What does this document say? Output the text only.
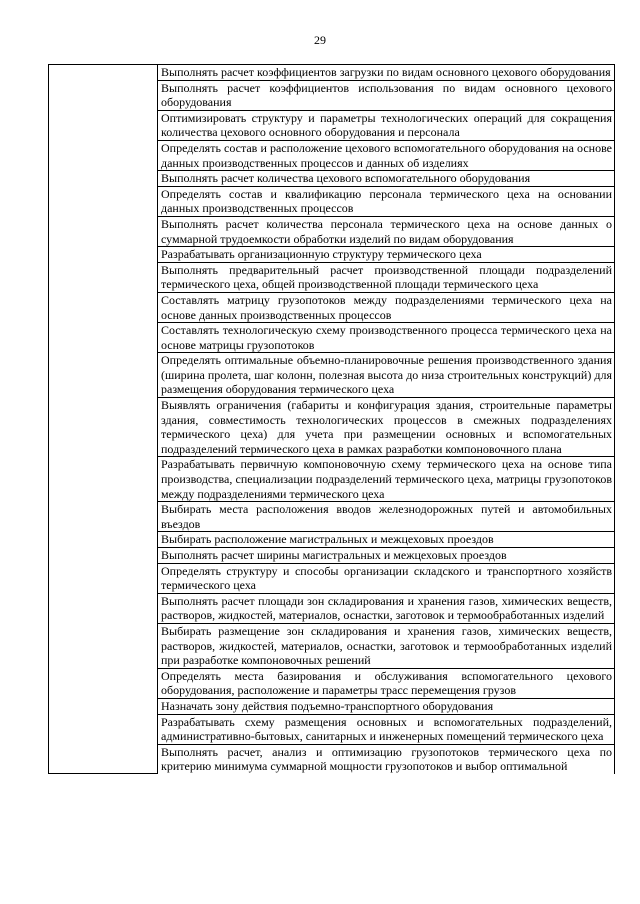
29
	Выполнять расчет коэффициентов загрузки по видам основного цехового оборудования
Выполнять расчет коэффициентов использования по видам основного цехового оборудования
Оптимизировать структуру и параметры технологических операций для сокращения количества цехового основного оборудования и персонала
Определять состав и расположение цехового вспомогательного оборудования на основе данных производственных процессов и данных об изделиях
Выполнять расчет количества цехового вспомогательного оборудования
Определять состав и квалификацию персонала термического цеха на основании данных производственных процессов
Выполнять расчет количества персонала термического цеха на основе данных о суммарной трудоемкости обработки изделий по видам оборудования
Разрабатывать организационную структуру термического цеха
Выполнять предварительный расчет производственной площади подразделений термического цеха, общей производственной площади термического цеха
Составлять матрицу грузопотоков между подразделениями термического цеха на основе данных производственных процессов
Составлять технологическую схему производственного процесса термического цеха на основе матрицы грузопотоков
Определять оптимальные объемно-планировочные решения производственного здания (ширина пролета, шаг колонн, полезная высота до низа строительных конструкций) для размещения оборудования термического цеха
Выявлять ограничения (габариты и конфигурация здания, строительные параметры здания, совместимость технологических процессов в смежных подразделениях термического цеха) для учета при размещении основных и вспомогательных подразделений термического цеха в рамках разработки компоновочного плана
Разрабатывать первичную компоновочную схему термического цеха на основе типа производства, специализации подразделений термического цеха, матрицы грузопотоков между подразделениями термического цеха
Выбирать места расположения вводов железнодорожных путей и автомобильных въездов
Выбирать расположение магистральных и межцеховых проездов
Выполнять расчет ширины магистральных и межцеховых проездов
Определять структуру и способы организации складского и транспортного хозяйств термического цеха
Выполнять расчет площади зон складирования и хранения газов, химических веществ, растворов, жидкостей, материалов, оснастки, заготовок и термообработанных изделий
Выбирать размещение зон складирования и хранения газов, химических веществ, растворов, жидкостей, материалов, оснастки, заготовок и термообработанных изделий при разработке компоновочных решений
Определять места базирования и обслуживания вспомогательного цехового оборудования, расположение и параметры трасс перемещения грузов
Назначать зону действия подъемно-транспортного оборудования
Разрабатывать схему размещения основных и вспомогательных подразделений, административно-бытовых, санитарных и инженерных помещений термического цеха
Выполнять расчет, анализ и оптимизацию грузопотоков термического цеха по критерию минимума суммарной мощности грузопотоков и выбор оптимальной
